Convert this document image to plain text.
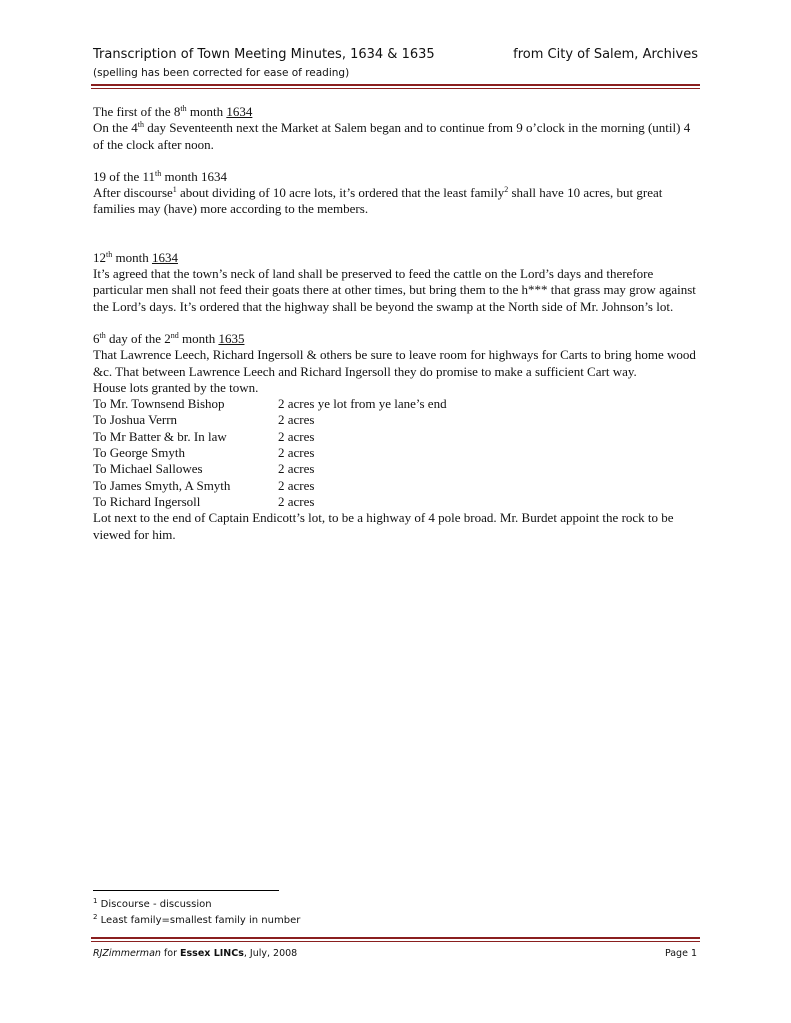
Transcription of Town Meeting Minutes, 1634 & 1635	from City of Salem, Archives
(spelling has been corrected for ease of reading)

The first of the 8th month 1634

On the 4th day Seventeenth next the Market at Salem began and to continue from 9 o’clock in the morning (until) 4 of the clock after noon.

19 of the 11th month 1634

After discourse$^1$ about dividing of 10 acre lots, it’s ordered that the least family$^2$ shall have 10 acres, but great families may (have) more according to the members.

12th month 1634

It’s agreed that the town’s neck of land shall be preserved to feed the cattle on the Lord’s days and therefore particular men shall not feed their goats there at other times, but bring them to the h*** that grass may grow against the Lord’s days. It’s ordered that the highway shall be beyond the swamp at the North side of Mr. Johnson’s lot.

6th day of the 2nd month 1635

That Lawrence Leech, Richard Ingersoll & others be sure to leave room for highways for Carts to bring home wood &c. That between Lawrence Leech and Richard Ingersoll they do promise to make a sufficient Cart way.

House lots granted by the town.

To Mr. Townsend Bishop	2 acres ye lot from ye lane’s end
To Joshua Verrn	2 acres
To Mr Batter & br. In law	2 acres
To George Smyth	2 acres
To Michael Sallowes	2 acres
To James Smyth, A Smyth	2 acres
To Richard Ingersoll	2 acres

Lot next to the end of Captain Endicott’s lot, to be a highway of 4 pole broad. Mr. Burdet appoint the rock to be viewed for him.

$^1$ Discourse - discussion
$^2$ Least family=smallest family in number
RJZimmerman for Essex LINCs, July, 2008	Page 1
